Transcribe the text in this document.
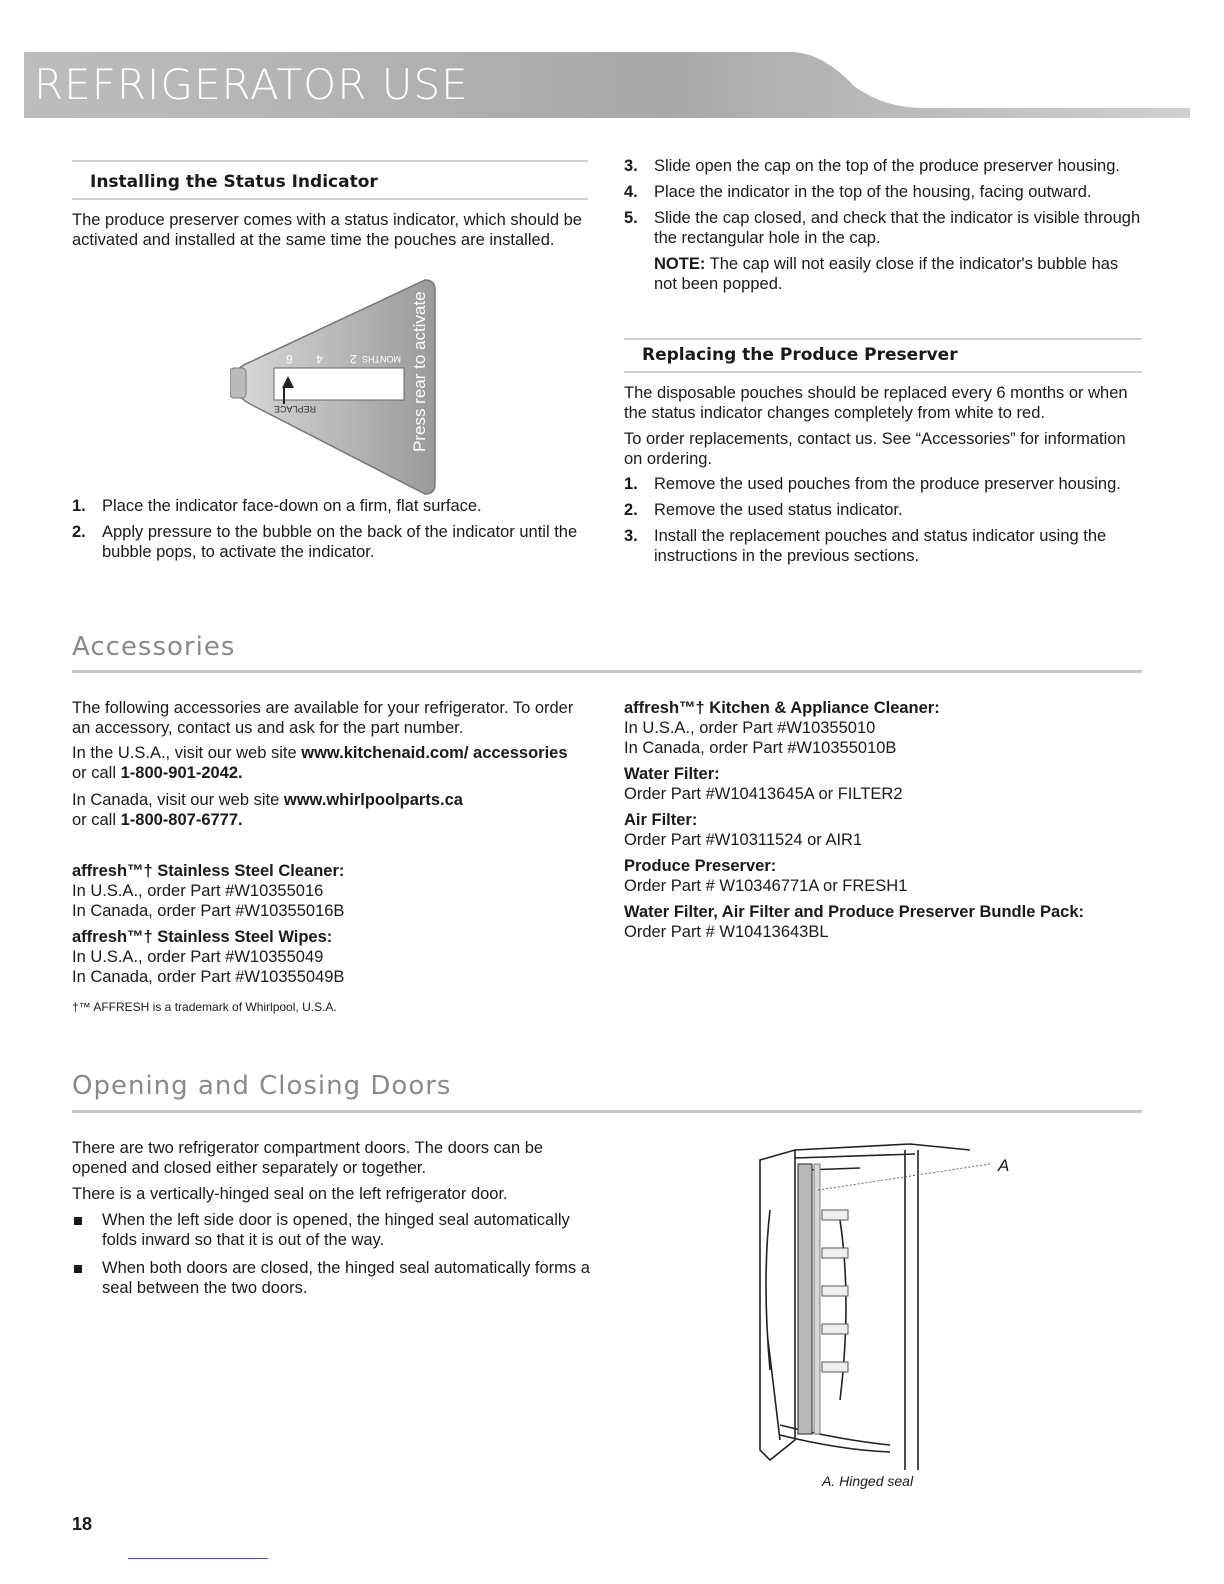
REFRIGERATOR USE
Installing the Status Indicator
The produce preserver comes with a status indicator, which should be activated and installed at the same time the pouches are installed.
Press rear to activate
6 4 2 MONTHS
REPLACE
1. Place the indicator face-down on a firm, flat surface.
2. Apply pressure to the bubble on the back of the indicator until the bubble pops, to activate the indicator.
3. Slide open the cap on the top of the produce preserver housing.
4. Place the indicator in the top of the housing, facing outward.
5. Slide the cap closed, and check that the indicator is visible through the rectangular hole in the cap.
NOTE: The cap will not easily close if the indicator's bubble has not been popped.
Replacing the Produce Preserver
The disposable pouches should be replaced every 6 months or when the status indicator changes completely from white to red.
To order replacements, contact us. See “Accessories” for information on ordering.
1. Remove the used pouches from the produce preserver housing.
2. Remove the used status indicator.
3. Install the replacement pouches and status indicator using the instructions in the previous sections.
Accessories
The following accessories are available for your refrigerator. To order an accessory, contact us and ask for the part number.
In the U.S.A., visit our web site www.kitchenaid.com/ accessories or call 1-800-901-2042.
In Canada, visit our web site www.whirlpoolparts.ca
or call 1-800-807-6777.
affresh™† Stainless Steel Cleaner:
In U.S.A., order Part #W10355016
In Canada, order Part #W10355016B
affresh™† Stainless Steel Wipes:
In U.S.A., order Part #W10355049
In Canada, order Part #W10355049B
†™ AFFRESH is a trademark of Whirlpool, U.S.A.
affresh™† Kitchen & Appliance Cleaner:
In U.S.A., order Part #W10355010
In Canada, order Part #W10355010B
Water Filter:
Order Part #W10413645A or FILTER2
Air Filter:
Order Part #W10311524 or AIR1
Produce Preserver:
Order Part # W10346771A or FRESH1
Water Filter, Air Filter and Produce Preserver Bundle Pack:
Order Part # W10413643BL
Opening and Closing Doors
There are two refrigerator compartment doors. The doors can be opened and closed either separately or together.
There is a vertically-hinged seal on the left refrigerator door.
When the left side door is opened, the hinged seal automatically folds inward so that it is out of the way.
When both doors are closed, the hinged seal automatically forms a seal between the two doors.
A
A. Hinged seal
18
